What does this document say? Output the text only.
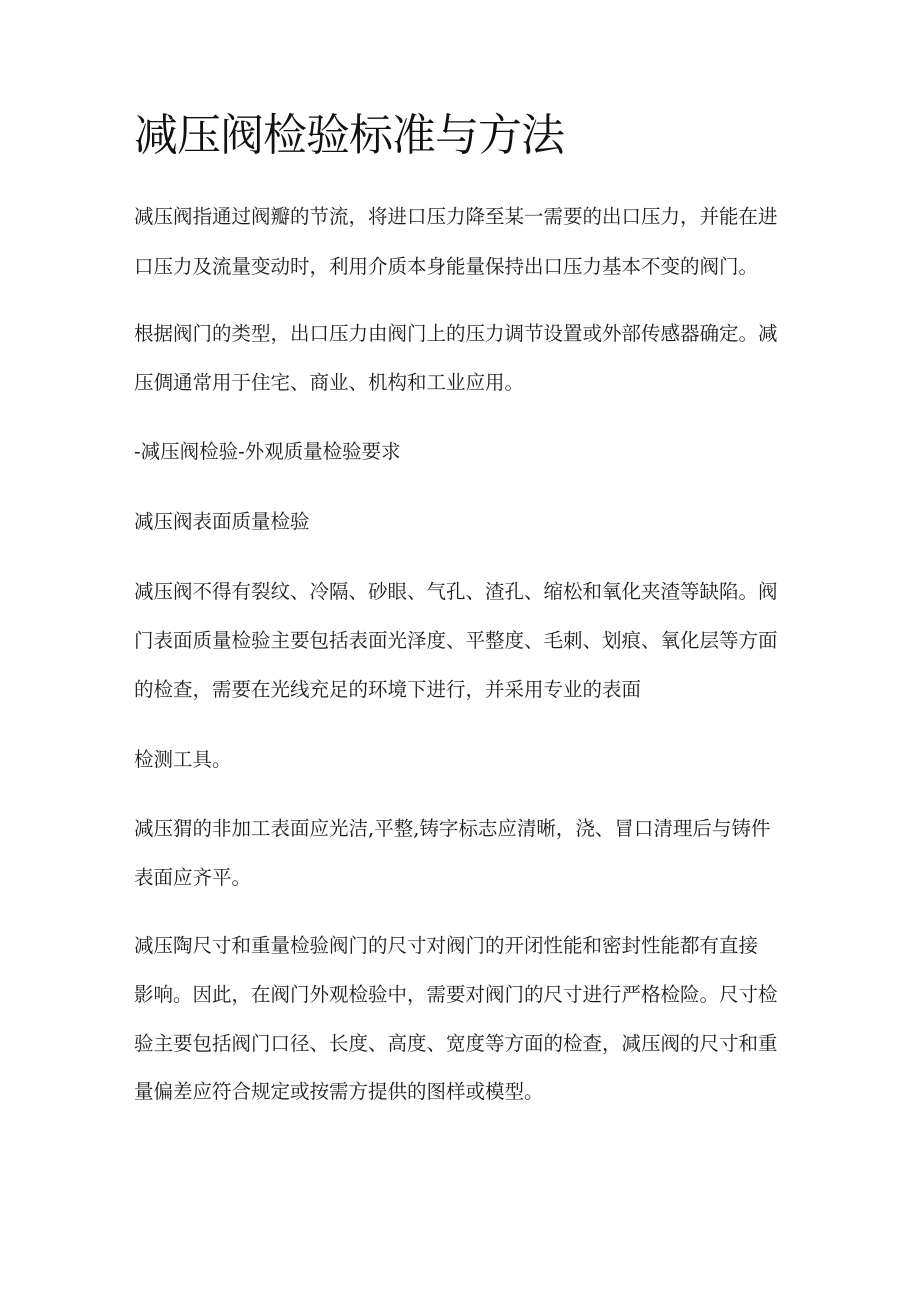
减压阀检验标准与方法

减压阀指通过阀瓣的节流，将进口压力降至某一需要的出口压力，并能在进

口压力及流量变动时，利用介质本身能量保持出口压力基本不变的阀门。

根据阀门的类型，出口压力由阀门上的压力调节设置或外部传感器确定。减

压倜通常用于住宅、商业、机构和工业应用。

-减压阀检验-外观质量检验要求

减压阀表面质量检验

减压阀不得有裂纹、冷隔、砂眼、气孔、渣孔、缩松和氧化夹渣等缺陷。阀

门表面质量检验主要包括表面光泽度、平整度、毛刺、划痕、氧化层等方面

的检查，需要在光线充足的环境下进行，并采用专业的表面

检测工具。

减压猬的非加工表面应光洁,平整,铸字标志应清晰，浇、冒口清理后与铸件

表面应齐平。

减压陶尺寸和重量检验阀门的尺寸对阀门的开闭性能和密封性能都有直接

影响。因此，在阀门外观检验中，需要对阀门的尺寸进行严格检险。尺寸检

验主要包括阀门口径、长度、高度、宽度等方面的检查，减压阀的尺寸和重

量偏差应符合规定或按需方提供的图样或模型。
